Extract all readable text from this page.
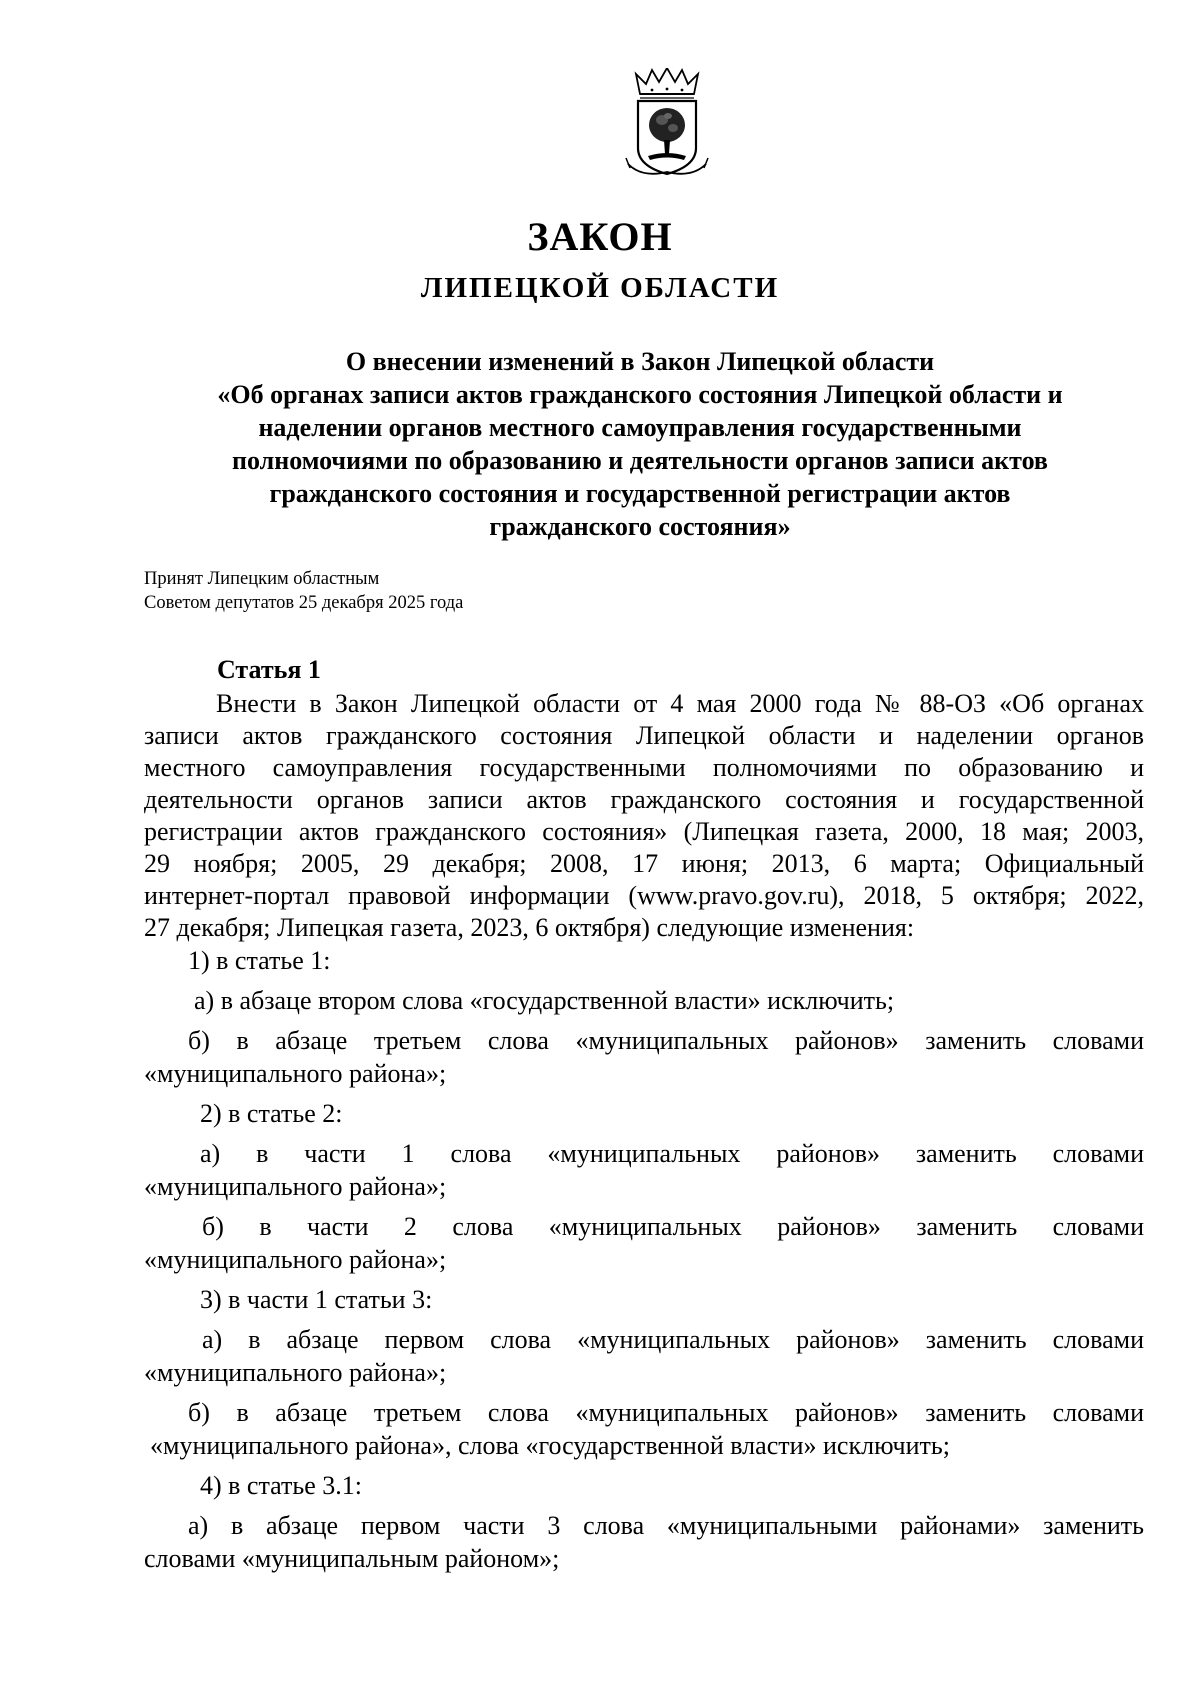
ЗАКОН
ЛИПЕЦКОЙ ОБЛАСТИ
О внесении изменений в Закон Липецкой области
«Об органах записи актов гражданского состояния Липецкой области и
наделении органов местного самоуправления государственными
полномочиями по образованию и деятельности органов записи актов
гражданского состояния и государственной регистрации актов
гражданского состояния»
Принят Липецким областным
Советом депутатов 25 декабря 2025 года
Статья 1
Внести в Закон Липецкой области от 4 мая 2000 года № 88-ОЗ «Об органах
записи актов гражданского состояния Липецкой области и наделении органов
местного самоуправления государственными полномочиями по образованию и
деятельности органов записи актов гражданского состояния и государственной
регистрации актов гражданского состояния» (Липецкая газета, 2000, 18 мая; 2003,
29 ноября; 2005, 29 декабря; 2008, 17 июня; 2013, 6 марта; Официальный
интернет-портал правовой информации (www.pravo.gov.ru), 2018, 5 октября; 2022,
27 декабря; Липецкая газета, 2023, 6 октября) следующие изменения:
1) в статье 1:
а) в абзаце втором слова «государственной власти» исключить;
б) в абзаце третьем слова «муниципальных районов» заменить словами
«муниципального района»;
2) в статье 2:
а) в части 1 слова «муниципальных районов» заменить словами
«муниципального района»;
б) в части 2 слова «муниципальных районов» заменить словами
«муниципального района»;
3) в части 1 статьи 3:
а) в абзаце первом слова «муниципальных районов» заменить словами
«муниципального района»;
б) в абзаце третьем слова «муниципальных районов» заменить словами
«муниципального района», слова «государственной власти» исключить;
4) в статье 3.1:
а) в абзаце первом части 3 слова «муниципальными районами» заменить
словами «муниципальным районом»;
